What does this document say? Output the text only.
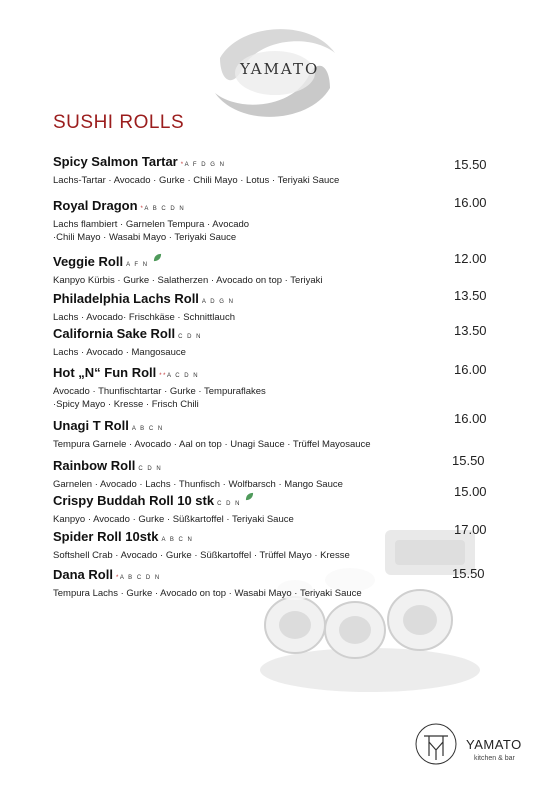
YAMATO
SUSHI ROLLS
Spicy Salmon Tartar *A F D G N
Lachs-Tartar · Avocado · Gurke · Chili Mayo · Lotus · Teriyaki Sauce
15.50
Royal Dragon *A B C D N
Lachs flambiert · Garnelen Tempura · Avocado
·Chili Mayo · Wasabi Mayo · Teriyaki Sauce
16.00
Veggie Roll A F N
Kanpyo Kürbis · Gurke · Salatherzen · Avocado on top · Teriyaki
12.00
Philadelphia Lachs Roll A D G N
Lachs · Avocado· Frischkäse · Schnittlauch
13.50
California Sake Roll C D N
Lachs · Avocado · Mangosauce
13.50
Hot „N“ Fun Roll **A C D N
Avocado · Thunfischtartar · Gurke · Tempuraflakes
·Spicy Mayo · Kresse · Frisch Chili
16.00
Unagi T Roll A B C N
Tempura Garnele · Avocado · Aal on top · Unagi Sauce · Trüffel Mayosauce
16.00
Rainbow Roll C D N
Garnelen · Avocado · Lachs · Thunfisch · Wolfbarsch · Mango Sauce
15.50
Crispy Buddah Roll 10 stk C D N
Kanpyo · Avocado · Gurke · Süßkartoffel · Teriyaki Sauce
15.00
Spider Roll 10stk A B C N
Softshell Crab · Avocado · Gurke · Süßkartoffel · Trüffel Mayo · Kresse
17.00
Dana Roll *A B C D N
Tempura Lachs · Gurke · Avocado on top · Wasabi Mayo · Teriyaki Sauce
15.50
YAMATO
kitchen & bar
